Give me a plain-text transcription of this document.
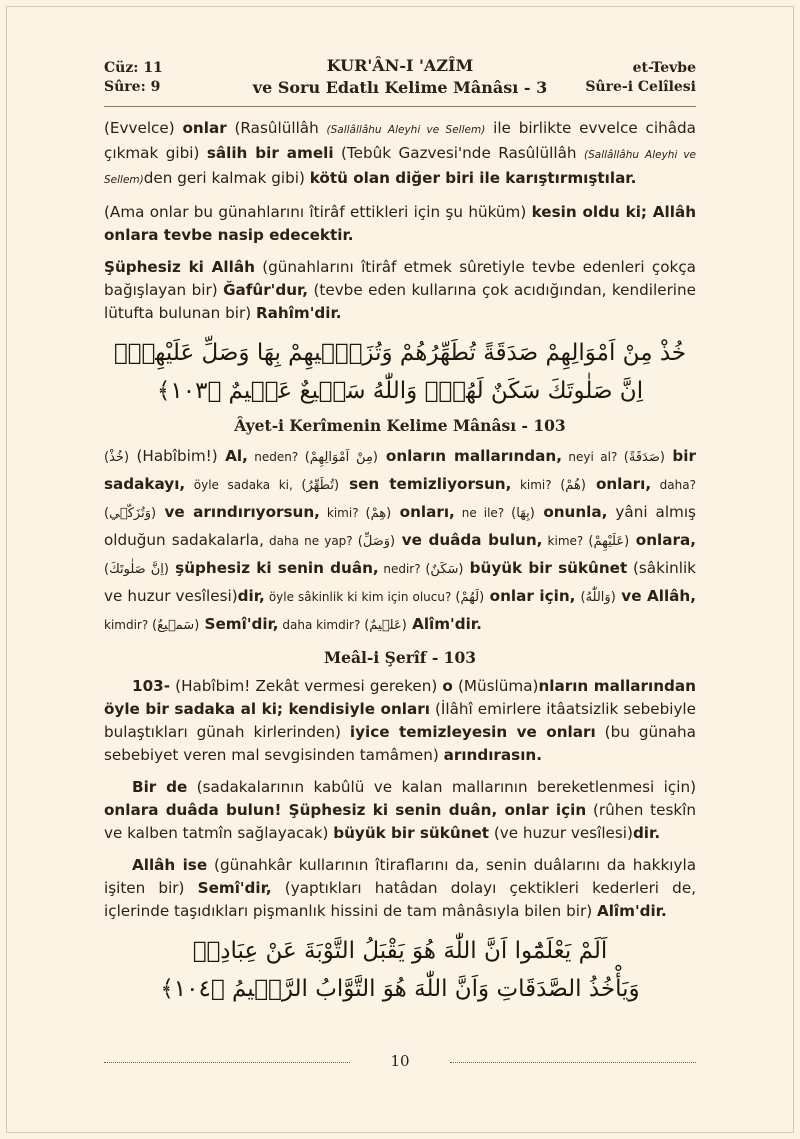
Cüz: 11
Sûre: 9
KUR'ÂN-I 'AZÎM
ve Soru Edatlı Kelime Mânâsı - 3
et-Tevbe
Sûre-i Celîlesi

(Evvelce) onlar (Rasûlüllâh (Sallâllâhu Aleyhi ve Sellem) ile birlikte evvelce cihâda çıkmak gibi) sâlih bir ameli (Tebûk Gazvesi'nde Rasûlüllâh (Sallâllâhu Aleyhi ve Sellem)den geri kalmak gibi) kötü olan diğer biri ile karıştırmıştılar.

(Ama onlar bu günahlarını îtirâf ettikleri için şu hüküm) kesin oldu ki; Allâh onlara tevbe nasip edecektir.

Şüphesiz ki Allâh (günahlarını îtirâf etmek sûretiyle tevbe edenleri çokça bağışlayan bir) Ğafûr'dur, (tevbe eden kullarına çok acıdığından, kendilerine lütufta bulunan bir) Rahîm'dir.

خُذْ مِنْ اَمْوَالِهِمْ صَدَقَةً تُطَهِّرُهُمْ وَتُزَكّ۪يهِمْ بِهَا وَصَلِّ عَلَيْهِمْۜ
اِنَّ صَلٰوتَكَ سَكَنٌ لَهُمْۜ وَاللّٰهُ سَم۪يعٌ عَل۪يمٌ ﴿١٠٣﴾
Âyet-i Kerîmenin Kelime Mânâsı - 103

(خُذْ) (Habîbim!) Al, neden? (مِنْ اَمْوَالِهِمْ) onların mallarından, neyi al? (صَدَقَةً) bir sadakayı, öyle sadaka ki, (تُطَهِّرُ) sen temizliyorsun, kimi? (هُمْ) onları, daha? (وَتُزَكّ۪ي) ve arındırıyorsun, kimi? (هِمْ) onları, ne ile? (بِهَا) onunla, yâni almış olduğun sadakalarla, daha ne yap? (وَصَلِّ) ve duâda bulun, kime? (عَلَيْهِمْ) onlara, (اِنَّ صَلٰوتَكَ) şüphesiz ki senin duân, nedir? (سَكَنٌ) büyük bir sükûnet (sâkinlik ve huzur vesîlesi)dir, öyle sâkinlik ki kim için olucu? (لَهُمْ) onlar için, (وَاللّٰهُ) ve Allâh, kimdir? (سَم۪يعٌ) Semî'dir, daha kimdir? (عَل۪يمٌ) Alîm'dir.

Meâl-i Şerîf - 103

103- (Habîbim! Zekât vermesi gereken) o (Müslüma)nların mallarından öyle bir sadaka al ki; kendisiyle onları (İlâhî emirlere itâatsizlik sebebiyle bulaştıkları günah kirlerinden) iyice temizleyesin ve onları (bu günaha sebebiyet veren mal sevgisinden tamâmen) arındırasın.

Bir de (sadakalarının kabûlü ve kalan mallarının bereketlenmesi için) onlara duâda bulun! Şüphesiz ki senin duân, onlar için (rûhen teskîn ve kalben tatmîn sağlayacak) büyük bir sükûnet (ve huzur vesîlesi)dir.

Allâh ise (günahkâr kullarının îtiraflarını da, senin duâlarını da hakkıyla işiten bir) Semî'dir, (yaptıkları hatâdan dolayı çektikleri kederleri de, içlerinde taşıdıkları pişmanlık hissini de tam mânâsıyla bilen bir) Alîm'dir.

اَلَمْ يَعْلَمُٓوا اَنَّ اللّٰهَ هُوَ يَقْبَلُ التَّوْبَةَ عَنْ عِبَادِه۪
وَيَأْخُذُ الصَّدَقَاتِ وَاَنَّ اللّٰهَ هُوَ التَّوَّابُ الرَّح۪يمُ ﴿١٠٤﴾
10
